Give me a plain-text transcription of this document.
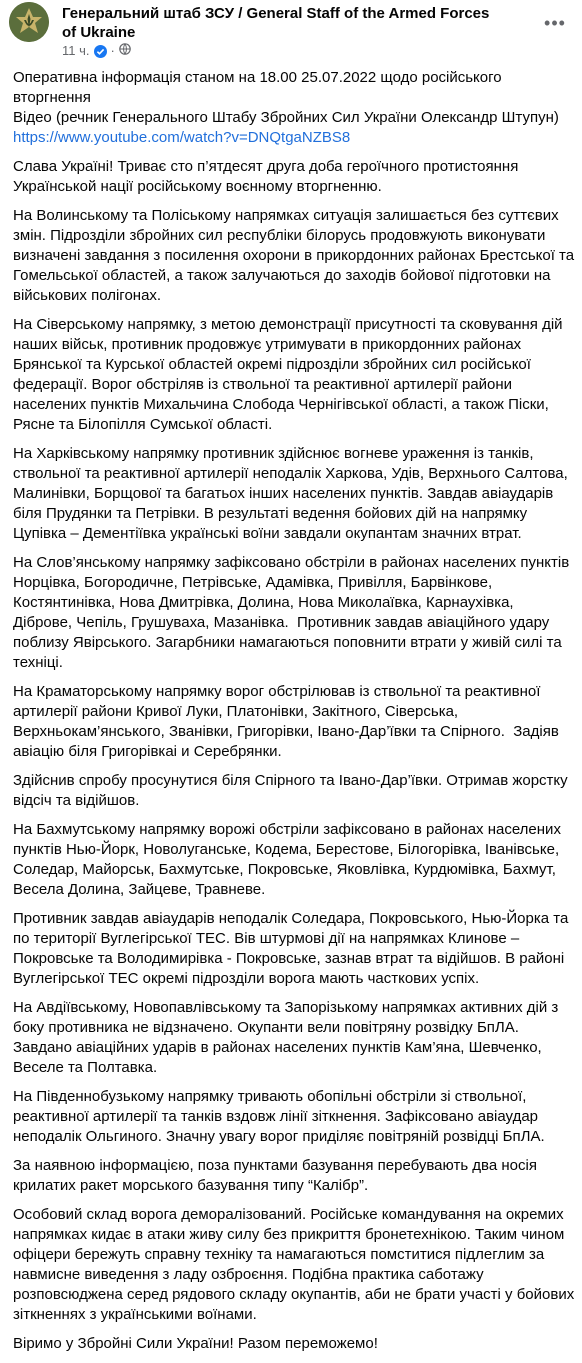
Генеральний штаб ЗСУ / General Staff of the Armed Forces of Ukraine
11 ч. ·
•••

Оперативна інформація станом на 18.00 25.07.2022 щодо російського вторгнення
Відео (речник Генерального Штабу Збройних Сил України Олександр Штупун)
https://www.youtube.com/watch?v=DNQtgaNZBS8

Слава Україні! Триває сто п’ятдесят друга доба героїчного протистояння Українськой нації російському воєнному вторгненню.

На Волинському та Поліському напрямках ситуація залишається без суттєвих змін. Підрозділи збройних сил республіки білорусь продовжують виконувати визначені завдання з посилення охорони в прикордонних районах Брестської та Гомельської областей, а також залучаються до заходів бойової підготовки на військових полігонах.

На Сіверському напрямку, з метою демонстрації присутності та сковування дій наших військ, противник продовжує утримувати в прикордонних районах Брянської та Курської областей окремі підрозділи збройних сил російської федерації. Ворог обстріляв із ствольної та реактивної артилерії райони населених пунктів Михальчина Слобода Чернігівської області, а також Піски, Рясне та Білопілля Сумської області.

На Харківському напрямку противник здійснює вогневе ураження із танків, ствольної та реактивної артилерії неподалік Харкова, Удів, Верхнього Салтова, Малинівки, Борщової та багатьох інших населених пунктів. Завдав авіаударів біля Прудянки та Петрівки. В результаті ведення бойових дій на напрямку Цупівка – Дементіївка українські воїни завдали окупантам значних втрат.

На Слов’янському напрямку зафіксовано обстріли в районах населених пунктів Норцівка, Богородичне, Петрівське, Адамівка, Привілля, Барвінкове, Костянтинівка, Нова Дмитрівка, Долина, Нова Миколаївка, Карнаухівка, Діброве, Чепіль, Грушуваха, Мазанівка.  Противник завдав авіаційного удару поблизу Явірського. Загарбники намагаються поповнити втрати у живій силі та техніці.

На Краматорському напрямку ворог обстрілював із ствольної та реактивної артилерії райони Кривої Луки, Платонівки, Закітного, Сіверська, Верхньокам’янського, Званівки, Григорівки, Івано-Дар’ївки та Спірного.  Задіяв авіацію біля Григорівкаі и Серебрянки.

Здійснив спробу просунутися біля Спірного та Івано-Дар’ївки. Отримав жорстку відсіч та відійшов.

На Бахмутському напрямку ворожі обстріли зафіксовано в районах населених пунктів Нью-Йорк, Новолуганське, Кодема, Берестове, Білогорівка, Іванівське, Соледар, Майорськ, Бахмутське, Покровське, Яковлівка, Курдюмівка, Бахмут, Весела Долина, Зайцеве, Травневе.

Противник завдав авіаударів неподалік Соледара, Покровського, Нью-Йорка та по території Вуглегірської ТЕС. Вів штурмові дії на напрямках Клинове – Покровське та Володимирівка - Покровське, зазнав втрат та відійшов. В районі Вуглегірської ТЕС окремі підрозділи ворога мають часткових успіх.

На Авдіївському, Новопавлівському та Запорізькому напрямках активних дій з боку противника не відзначено. Окупанти вели повітряну розвідку БпЛА. Завдано авіаційних ударів в районах населених пунктів Кам’яна, Шевченко, Веселе та Полтавка.

На Південнобузькому напрямку тривають обопільні обстріли зі ствольної, реактивної артилерії та танків вздовж лінії зіткнення. Зафіксовано авіаудар неподалік Ольгиного. Значну увагу ворог приділяє повітряній розвідці БпЛА.

За наявною інформацією, поза пунктами базування перебувають два носія крилатих ракет морського базування типу “Калібр”.

Особовий склад ворога деморалізований. Російське командування на окремих напрямках кидає в атаки живу силу без прикриття бронетехнікою. Таким чином офіцери бережуть справну техніку та намагаються помститися підлеглим за навмисне виведення з ладу озброєння. Подібна практика саботажу розповсюджена серед рядового складу окупантів, аби не брати участі у бойових зіткненнях з українськими воїнами.

Віримо у Збройні Сили України! Разом переможемо!
